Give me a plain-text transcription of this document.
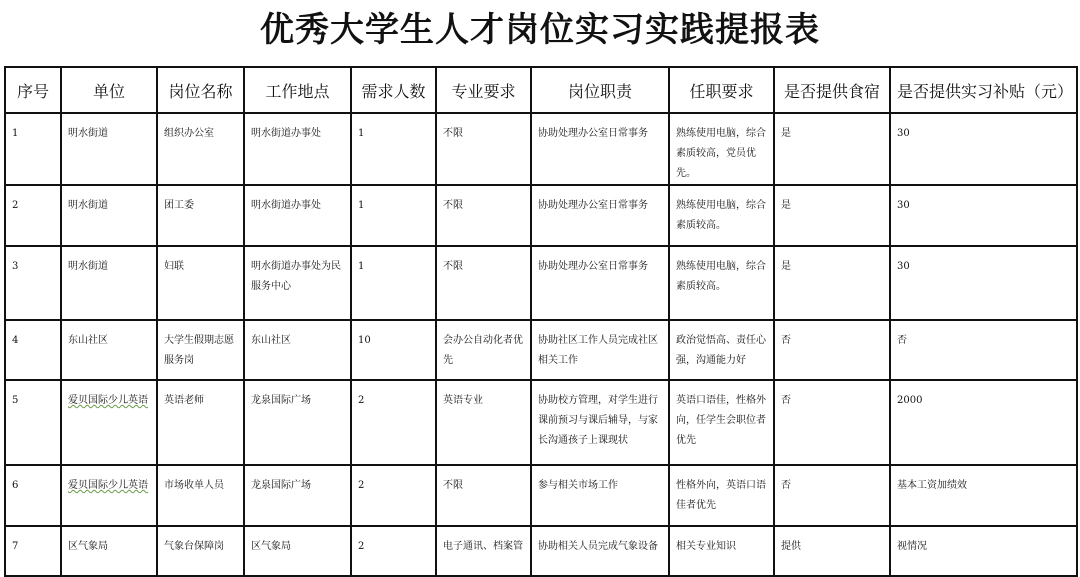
优秀大学生人才岗位实习实践提报表
序号	单位	岗位名称	工作地点	需求人数	专业要求	岗位职责	任职要求	是否提供食宿	是否提供实习补贴（元）
1	明水街道	组织办公室	明水街道办事处	1	不限	协助处理办公室日常事务	熟练使用电脑，综合素质较高，党员优先。	是	30
2	明水街道	团工委	明水街道办事处	1	不限	协助处理办公室日常事务	熟练使用电脑，综合素质较高。	是	30
3	明水街道	妇联	明水街道办事处为民服务中心	1	不限	协助处理办公室日常事务	熟练使用电脑，综合素质较高。	是	30
4	东山社区	大学生假期志愿服务岗	东山社区	10	会办公自动化者优先	协助社区工作人员完成社区相关工作	政治觉悟高、责任心强，沟通能力好	否	否
5	爱贝国际少儿英语	英语老师	龙泉国际广场	2	英语专业	协助校方管理，对学生进行课前预习与课后辅导，与家长沟通孩子上课现状	英语口语佳，性格外向，任学生会职位者优先	否	2000
6	爱贝国际少儿英语	市场收单人员	龙泉国际广场	2	不限	参与相关市场工作	性格外向，英语口语佳者优先	否	基本工资加绩效
7	区气象局	气象台保障岗	区气象局	2	电子通讯、档案管	协助相关人员完成气象设备	相关专业知识	提供	视情况
